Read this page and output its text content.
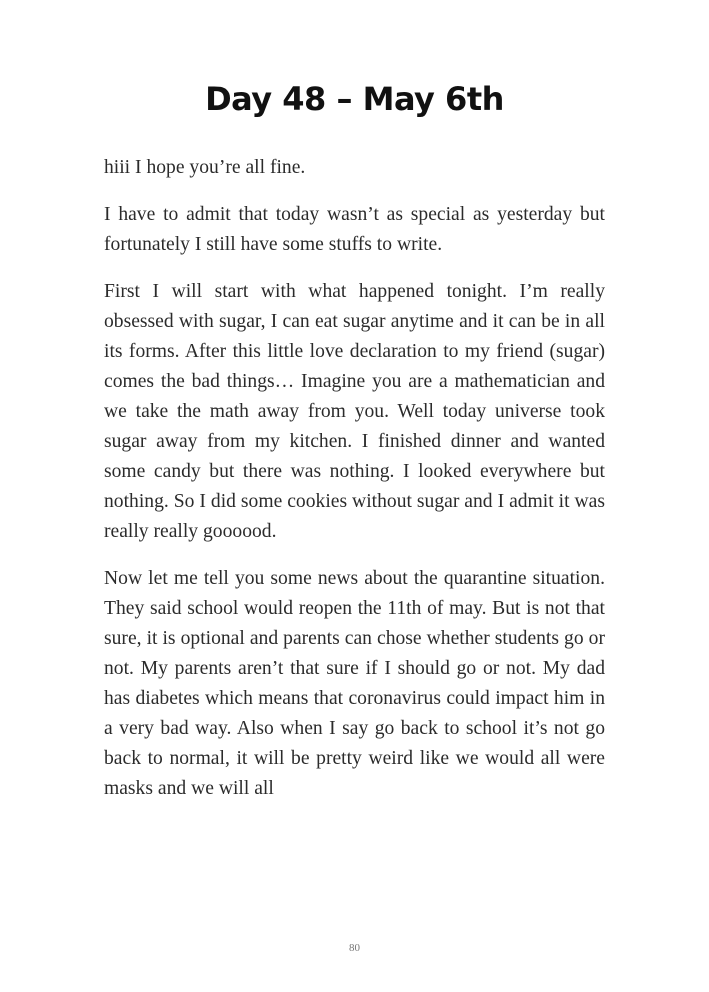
Day 48 – May 6th

hiii I hope you’re all fine.

I have to admit that today wasn’t as special as yesterday but fortunately I still have some stuffs to write.

First I will start with what happened tonight. I’m really obsessed with sugar, I can eat sugar anytime and it can be in all its forms. After this little love declaration to my friend (sugar) comes the bad things… Imagine you are a mathematician and we take the math away from you. Well today universe took sugar away from my kitchen. I finished dinner and wanted some candy but there was nothing. I looked everywhere but nothing. So I did some cookies without sugar and I admit it was really really goooood.

Now let me tell you some news about the quarantine situation. They said school would reopen the 11th of may. But is not that sure, it is optional and parents can chose whether students go or not. My parents aren’t that sure if I should go or not. My dad has diabetes which means that coronavirus could impact him in a very bad way. Also when I say go back to school it’s not go back to normal, it will be pretty weird like we would all were masks and we will all

80
